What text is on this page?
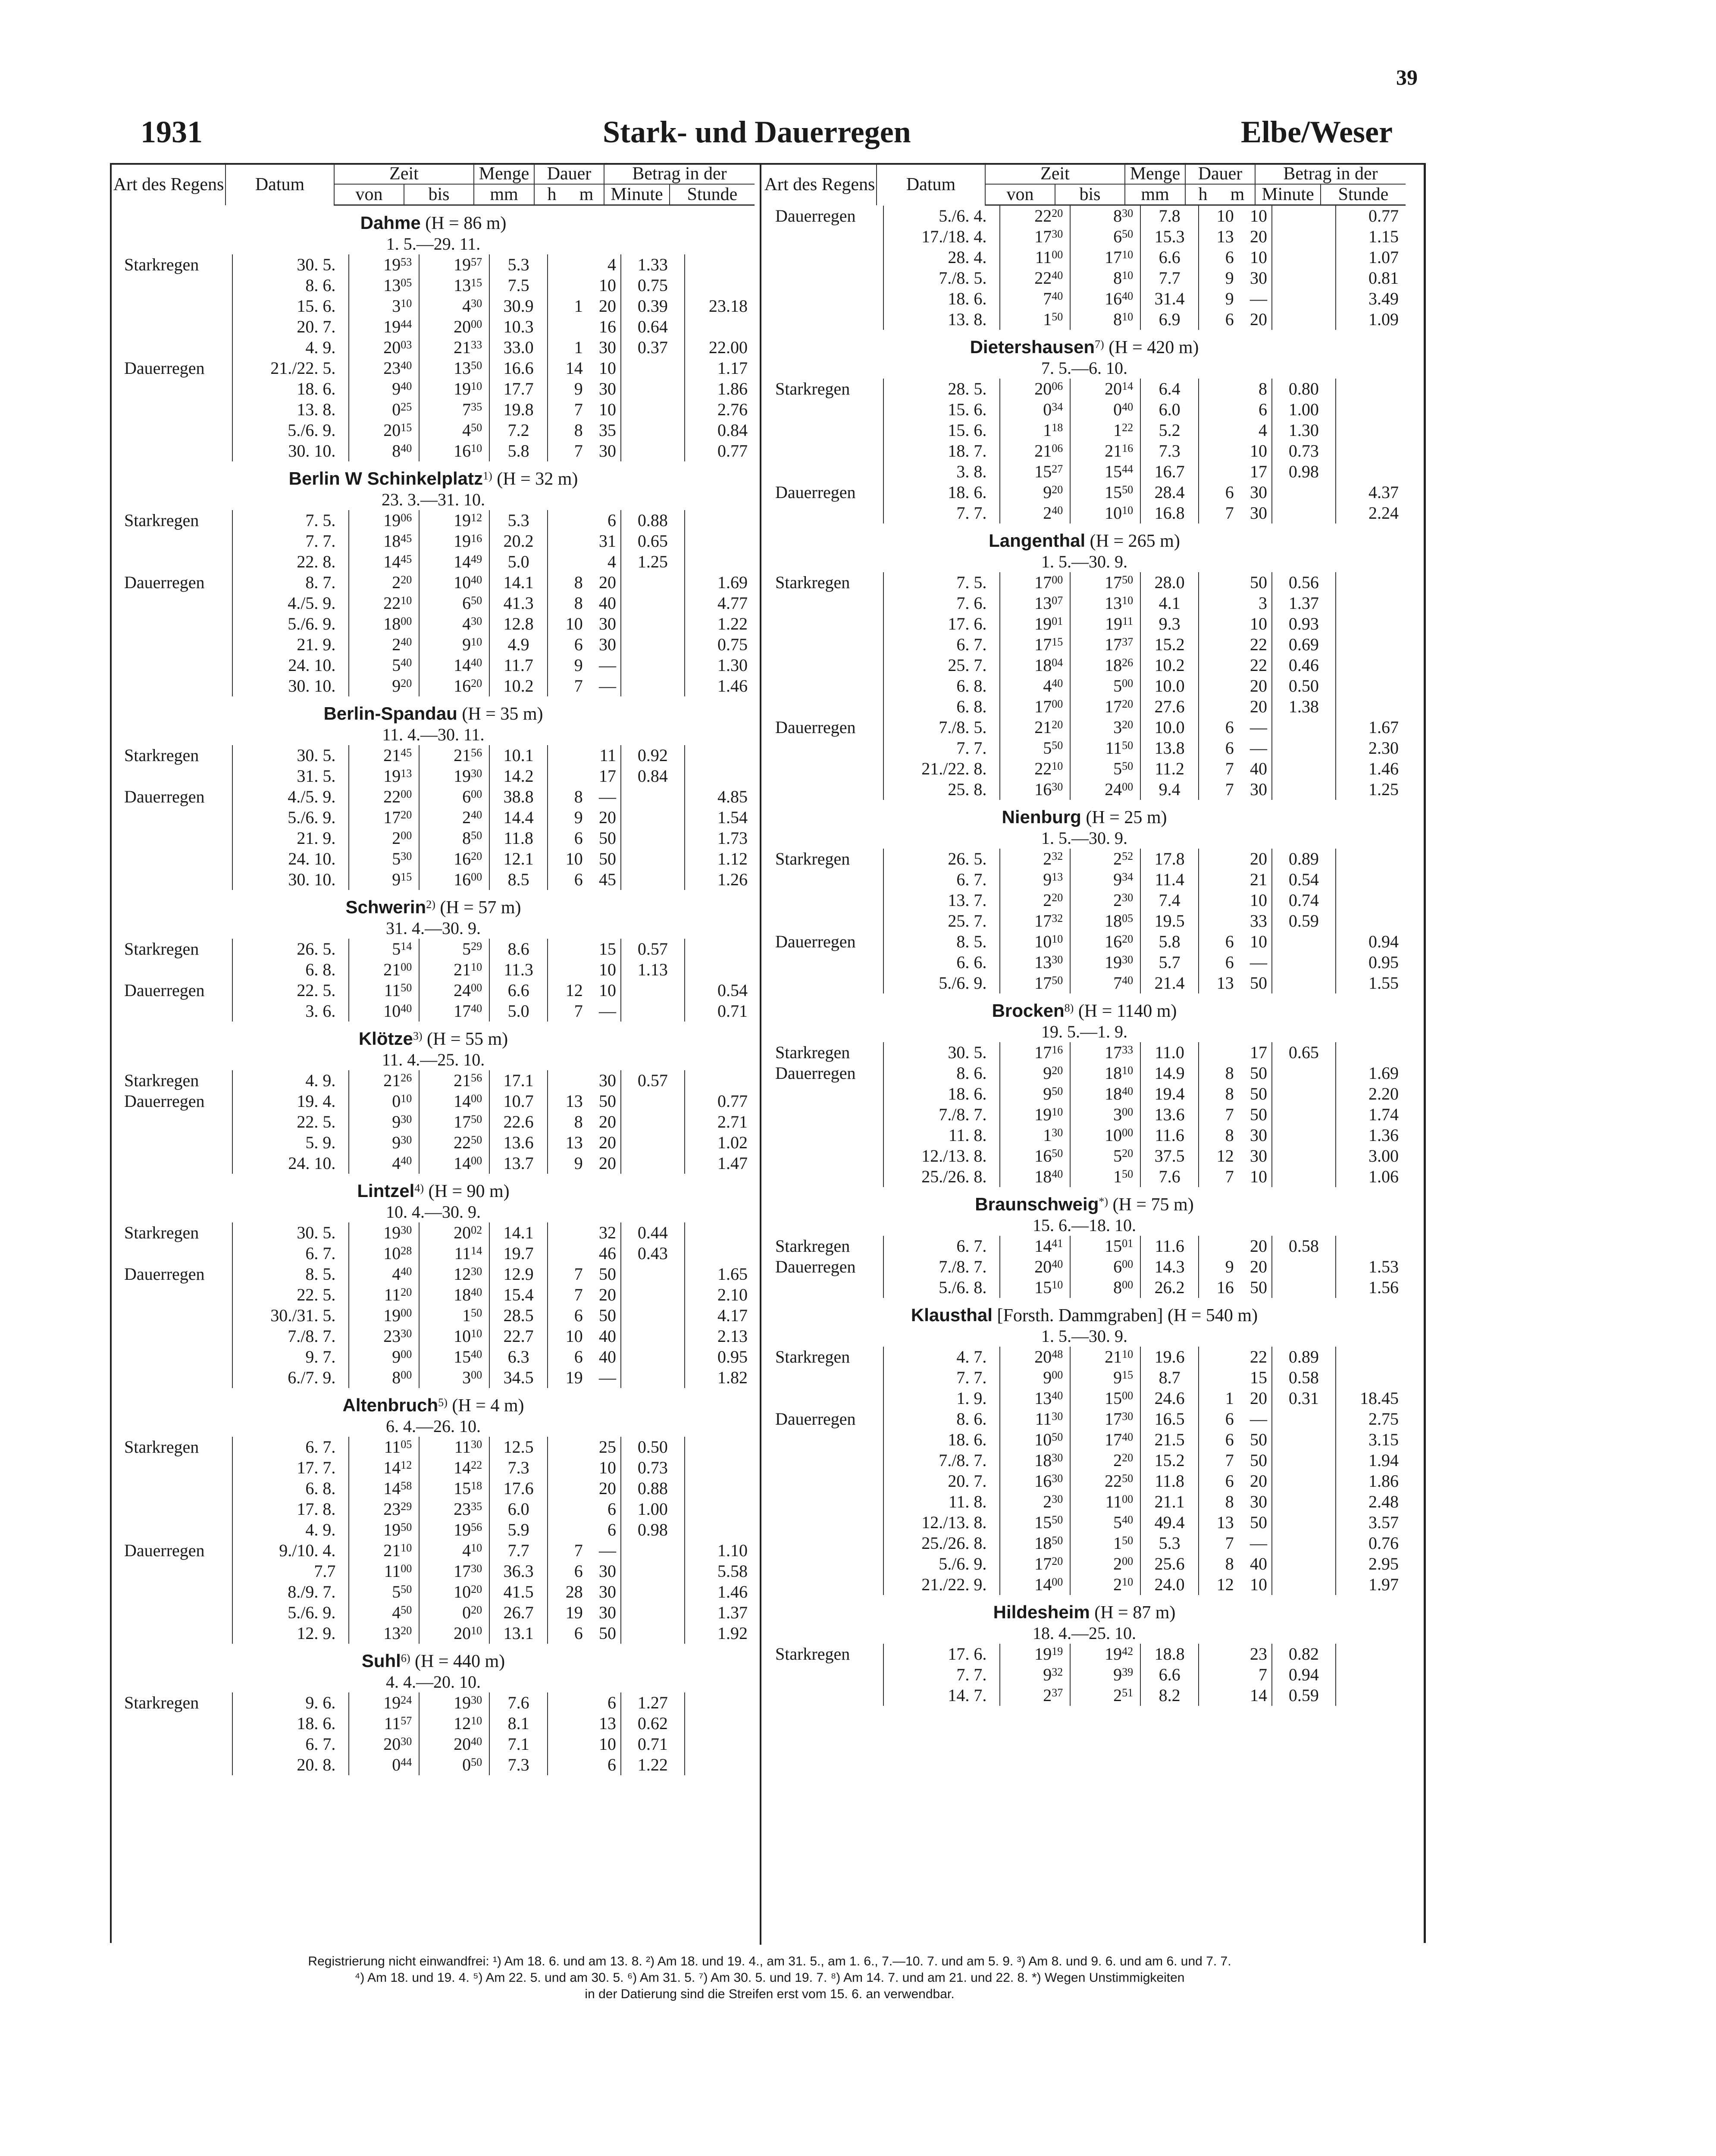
39
1931	Stark- und Dauerregen	Elbe/Weser
Art des Regens	Datum	Zeit		Menge	Dauer		Betrag in der	
		von	bis	mm	h	m	Minute	Stunde
Dahme (H = 86 m)								
1. 5.—29. 11.								
Starkregen	30. 5.	$19^{53}$	$19^{57}$	5.3		4	1.33	
	8. 6.	$13^{05}$	$13^{15}$	7.5		10	0.75	
	15. 6.	$3^{10}$	$4^{30}$	30.9	1	20	0.39	23.18
	20. 7.	$19^{44}$	$20^{00}$	10.3		16	0.64	
	4. 9.	$20^{03}$	$21^{33}$	33.0	1	30	0.37	22.00
Dauerregen	21./22. 5.	$23^{40}$	$13^{50}$	16.6	14	10		1.17
	18. 6.	$9^{40}$	$19^{10}$	17.7	9	30		1.86
	13. 8.	$0^{25}$	$7^{35}$	19.8	7	10		2.76
	5./6. 9.	$20^{15}$	$4^{50}$	7.2	8	35		0.84
	30. 10.	$8^{40}$	$16^{10}$	5.8	7	30		0.77
Berlin W Schinkelplatz$^{1)}$ (H = 32 m)								
23. 3.—31. 10.								
Starkregen	7. 5.	$19^{06}$	$19^{12}$	5.3		6	0.88	
	7. 7.	$18^{45}$	$19^{16}$	20.2		31	0.65	
	22. 8.	$14^{45}$	$14^{49}$	5.0		4	1.25	
Dauerregen	8. 7.	$2^{20}$	$10^{40}$	14.1	8	20		1.69
	4./5. 9.	$22^{10}$	$6^{50}$	41.3	8	40		4.77
	5./6. 9.	$18^{00}$	$4^{30}$	12.8	10	30		1.22
	21. 9.	$2^{40}$	$9^{10}$	4.9	6	30		0.75
	24. 10.	$5^{40}$	$14^{40}$	11.7	9	—		1.30
	30. 10.	$9^{20}$	$16^{20}$	10.2	7	—		1.46
Berlin-Spandau (H = 35 m)								
11. 4.—30. 11.								
Starkregen	30. 5.	$21^{45}$	$21^{56}$	10.1		11	0.92	
	31. 5.	$19^{13}$	$19^{30}$	14.2		17	0.84	
Dauerregen	4./5. 9.	$22^{00}$	$6^{00}$	38.8	8	—		4.85
	5./6. 9.	$17^{20}$	$2^{40}$	14.4	9	20		1.54
	21. 9.	$2^{00}$	$8^{50}$	11.8	6	50		1.73
	24. 10.	$5^{30}$	$16^{20}$	12.1	10	50		1.12
	30. 10.	$9^{15}$	$16^{00}$	8.5	6	45		1.26
Schwerin$^{2)}$ (H = 57 m)								
31. 4.—30. 9.								
Starkregen	26. 5.	$5^{14}$	$5^{29}$	8.6		15	0.57	
	6. 8.	$21^{00}$	$21^{10}$	11.3		10	1.13	
Dauerregen	22. 5.	$11^{50}$	$24^{00}$	6.6	12	10		0.54
	3. 6.	$10^{40}$	$17^{40}$	5.0	7	—		0.71
Klötze$^{3)}$ (H = 55 m)								
11. 4.—25. 10.								
Starkregen	4. 9.	$21^{26}$	$21^{56}$	17.1		30	0.57	
Dauerregen	19. 4.	$0^{10}$	$14^{00}$	10.7	13	50		0.77
	22. 5.	$9^{30}$	$17^{50}$	22.6	8	20		2.71
	5. 9.	$9^{30}$	$22^{50}$	13.6	13	20		1.02
	24. 10.	$4^{40}$	$14^{00}$	13.7	9	20		1.47
Lintzel$^{4)}$ (H = 90 m)								
10. 4.—30. 9.								
Starkregen	30. 5.	$19^{30}$	$20^{02}$	14.1		32	0.44	
	6. 7.	$10^{28}$	$11^{14}$	19.7		46	0.43	
Dauerregen	8. 5.	$4^{40}$	$12^{30}$	12.9	7	50		1.65
	22. 5.	$11^{20}$	$18^{40}$	15.4	7	20		2.10
	30./31. 5.	$19^{00}$	$1^{50}$	28.5	6	50		4.17
	7./8. 7.	$23^{30}$	$10^{10}$	22.7	10	40		2.13
	9. 7.	$9^{00}$	$15^{40}$	6.3	6	40		0.95
	6./7. 9.	$8^{00}$	$3^{00}$	34.5	19	—		1.82
Altenbruch$^{5)}$ (H = 4 m)								
6. 4.—26. 10.								
Starkregen	6. 7.	$11^{05}$	$11^{30}$	12.5		25	0.50	
	17. 7.	$14^{12}$	$14^{22}$	7.3		10	0.73	
	6. 8.	$14^{58}$	$15^{18}$	17.6		20	0.88	
	17. 8.	$23^{29}$	$23^{35}$	6.0		6	1.00	
	4. 9.	$19^{50}$	$19^{56}$	5.9		6	0.98	
Dauerregen	9./10. 4.	$21^{10}$	$4^{10}$	7.7	7	—		1.10
	7.7	$11^{00}$	$17^{30}$	36.3	6	30		5.58
	8./9. 7.	$5^{50}$	$10^{20}$	41.5	28	30		1.46
	5./6. 9.	$4^{50}$	$0^{20}$	26.7	19	30		1.37
	12. 9.	$13^{20}$	$20^{10}$	13.1	6	50		1.92
Suhl$^{6)}$ (H = 440 m)								
4. 4.—20. 10.								
Starkregen	9. 6.	$19^{24}$	$19^{30}$	7.6		6	1.27	
	18. 6.	$11^{57}$	$12^{10}$	8.1		13	0.62	
	6. 7.	$20^{30}$	$20^{40}$	7.1		10	0.71	
	20. 8.	$0^{44}$	$0^{50}$	7.3		6	1.22	
Art des Regens	Datum	Zeit		Menge	Dauer		Betrag in der	
		von	bis	mm	h	m	Minute	Stunde
Dauerregen	5./6. 4.	$22^{20}$	$8^{30}$	7.8	10	10		0.77
	17./18. 4.	$17^{30}$	$6^{50}$	15.3	13	20		1.15
	28. 4.	$11^{00}$	$17^{10}$	6.6	6	10		1.07
	7./8. 5.	$22^{40}$	$8^{10}$	7.7	9	30		0.81
	18. 6.	$7^{40}$	$16^{40}$	31.4	9	—		3.49
	13. 8.	$1^{50}$	$8^{10}$	6.9	6	20		1.09
Dietershausen$^{7)}$ (H = 420 m)								
7. 5.—6. 10.								
Starkregen	28. 5.	$20^{06}$	$20^{14}$	6.4		8	0.80	
	15. 6.	$0^{34}$	$0^{40}$	6.0		6	1.00	
	15. 6.	$1^{18}$	$1^{22}$	5.2		4	1.30	
	18. 7.	$21^{06}$	$21^{16}$	7.3		10	0.73	
	3. 8.	$15^{27}$	$15^{44}$	16.7		17	0.98	
Dauerregen	18. 6.	$9^{20}$	$15^{50}$	28.4	6	30		4.37
	7. 7.	$2^{40}$	$10^{10}$	16.8	7	30		2.24
Langenthal (H = 265 m)								
1. 5.—30. 9.								
Starkregen	7. 5.	$17^{00}$	$17^{50}$	28.0		50	0.56	
	7. 6.	$13^{07}$	$13^{10}$	4.1		3	1.37	
	17. 6.	$19^{01}$	$19^{11}$	9.3		10	0.93	
	6. 7.	$17^{15}$	$17^{37}$	15.2		22	0.69	
	25. 7.	$18^{04}$	$18^{26}$	10.2		22	0.46	
	6. 8.	$4^{40}$	$5^{00}$	10.0		20	0.50	
	6. 8.	$17^{00}$	$17^{20}$	27.6		20	1.38	
Dauerregen	7./8. 5.	$21^{20}$	$3^{20}$	10.0	6	—		1.67
	7. 7.	$5^{50}$	$11^{50}$	13.8	6	—		2.30
	21./22. 8.	$22^{10}$	$5^{50}$	11.2	7	40		1.46
	25. 8.	$16^{30}$	$24^{00}$	9.4	7	30		1.25
Nienburg (H = 25 m)								
1. 5.—30. 9.								
Starkregen	26. 5.	$2^{32}$	$2^{52}$	17.8		20	0.89	
	6. 7.	$9^{13}$	$9^{34}$	11.4		21	0.54	
	13. 7.	$2^{20}$	$2^{30}$	7.4		10	0.74	
	25. 7.	$17^{32}$	$18^{05}$	19.5		33	0.59	
Dauerregen	8. 5.	$10^{10}$	$16^{20}$	5.8	6	10		0.94
	6. 6.	$13^{30}$	$19^{30}$	5.7	6	—		0.95
	5./6. 9.	$17^{50}$	$7^{40}$	21.4	13	50		1.55
Brocken$^{8)}$ (H = 1140 m)								
19. 5.—1. 9.								
Starkregen	30. 5.	$17^{16}$	$17^{33}$	11.0		17	0.65	
Dauerregen	8. 6.	$9^{20}$	$18^{10}$	14.9	8	50		1.69
	18. 6.	$9^{50}$	$18^{40}$	19.4	8	50		2.20
	7./8. 7.	$19^{10}$	$3^{00}$	13.6	7	50		1.74
	11. 8.	$1^{30}$	$10^{00}$	11.6	8	30		1.36
	12./13. 8.	$16^{50}$	$5^{20}$	37.5	12	30		3.00
	25./26. 8.	$18^{40}$	$1^{50}$	7.6	7	10		1.06
Braunschweig*) (H = 75 m)								
15. 6.—18. 10.								
Starkregen	6. 7.	$14^{41}$	$15^{01}$	11.6		20	0.58	
Dauerregen	7./8. 7.	$20^{40}$	$6^{00}$	14.3	9	20		1.53
	5./6. 8.	$15^{10}$	$8^{00}$	26.2	16	50		1.56
Klausthal [Forsth. Dammgraben] (H = 540 m)								
1. 5.—30. 9.								
Starkregen	4. 7.	$20^{48}$	$21^{10}$	19.6		22	0.89	
	7. 7.	$9^{00}$	$9^{15}$	8.7		15	0.58	
	1. 9.	$13^{40}$	$15^{00}$	24.6	1	20	0.31	18.45
Dauerregen	8. 6.	$11^{30}$	$17^{30}$	16.5	6	—		2.75
	18. 6.	$10^{50}$	$17^{40}$	21.5	6	50		3.15
	7./8. 7.	$18^{30}$	$2^{20}$	15.2	7	50		1.94
	20. 7.	$16^{30}$	$22^{50}$	11.8	6	20		1.86
	11. 8.	$2^{30}$	$11^{00}$	21.1	8	30		2.48
	12./13. 8.	$15^{50}$	$5^{40}$	49.4	13	50		3.57
	25./26. 8.	$18^{50}$	$1^{50}$	5.3	7	—		0.76
	5./6. 9.	$17^{20}$	$2^{00}$	25.6	8	40		2.95
	21./22. 9.	$14^{00}$	$2^{10}$	24.0	12	10		1.97
Hildesheim (H = 87 m)								
18. 4.—25. 10.								
Starkregen	17. 6.	$19^{19}$	$19^{42}$	18.8		23	0.82	
	7. 7.	$9^{32}$	$9^{39}$	6.6		7	0.94	
	14. 7.	$2^{37}$	$2^{51}$	8.2		14	0.59	
Registrierung nicht einwandfrei: ¹) Am 18. 6. und am 13. 8. ²) Am 18. und 19. 4., am 31. 5., am 1. 6., 7.—10. 7. und am 5. 9. ³) Am 8. und 9. 6. und am 6. und 7. 7.
⁴) Am 18. und 19. 4. ⁵) Am 22. 5. und am 30. 5. ⁶) Am 31. 5. ⁷) Am 30. 5. und 19. 7. ⁸) Am 14. 7. und am 21. und 22. 8. *) Wegen Unstimmigkeiten
in der Datierung sind die Streifen erst vom 15. 6. an verwendbar.
